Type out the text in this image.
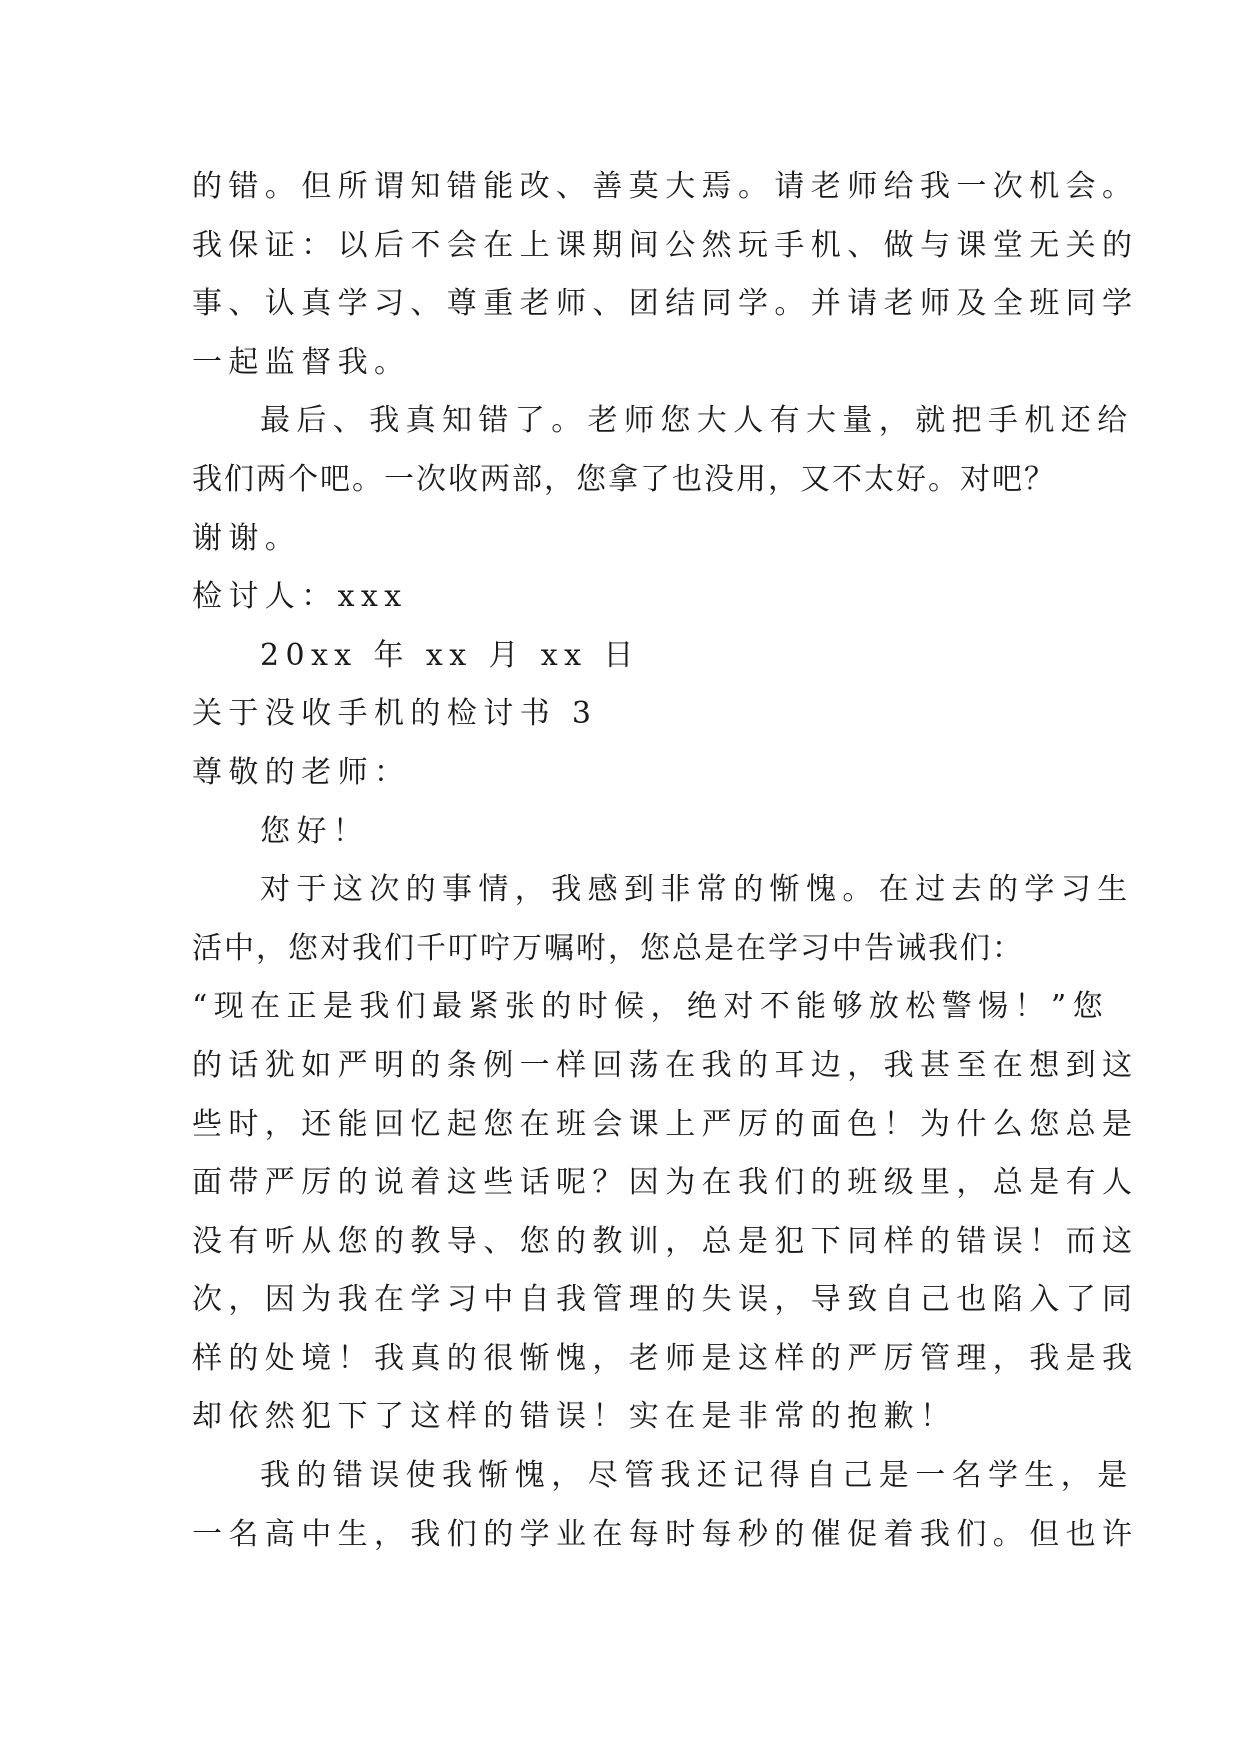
的错。但所谓知错能改、善莫大焉。请老师给我一次机会。
我保证：以后不会在上课期间公然玩手机、做与课堂无关的
事、认真学习、尊重老师、团结同学。并请老师及全班同学
一起监督我。
最后、我真知错了。老师您大人有大量，就把手机还给
我们两个吧。一次收两部，您拿了也没用，又不太好。对吧？
谢谢。
检讨人：xxx
20xx 年 xx 月 xx 日
关于没收手机的检讨书 3
尊敬的老师：
您好！
对于这次的事情，我感到非常的惭愧。在过去的学习生
活中，您对我们千叮咛万嘱咐，您总是在学习中告诫我们：
“现在正是我们最紧张的时候，绝对不能够放松警惕！”您
的话犹如严明的条例一样回荡在我的耳边，我甚至在想到这
些时，还能回忆起您在班会课上严厉的面色！为什么您总是
面带严厉的说着这些话呢？因为在我们的班级里，总是有人
没有听从您的教导、您的教训，总是犯下同样的错误！而这
次，因为我在学习中自我管理的失误，导致自己也陷入了同
样的处境！我真的很惭愧，老师是这样的严厉管理，我是我
却依然犯下了这样的错误！实在是非常的抱歉！
我的错误使我惭愧，尽管我还记得自己是一名学生，是
一名高中生，我们的学业在每时每秒的催促着我们。但也许
